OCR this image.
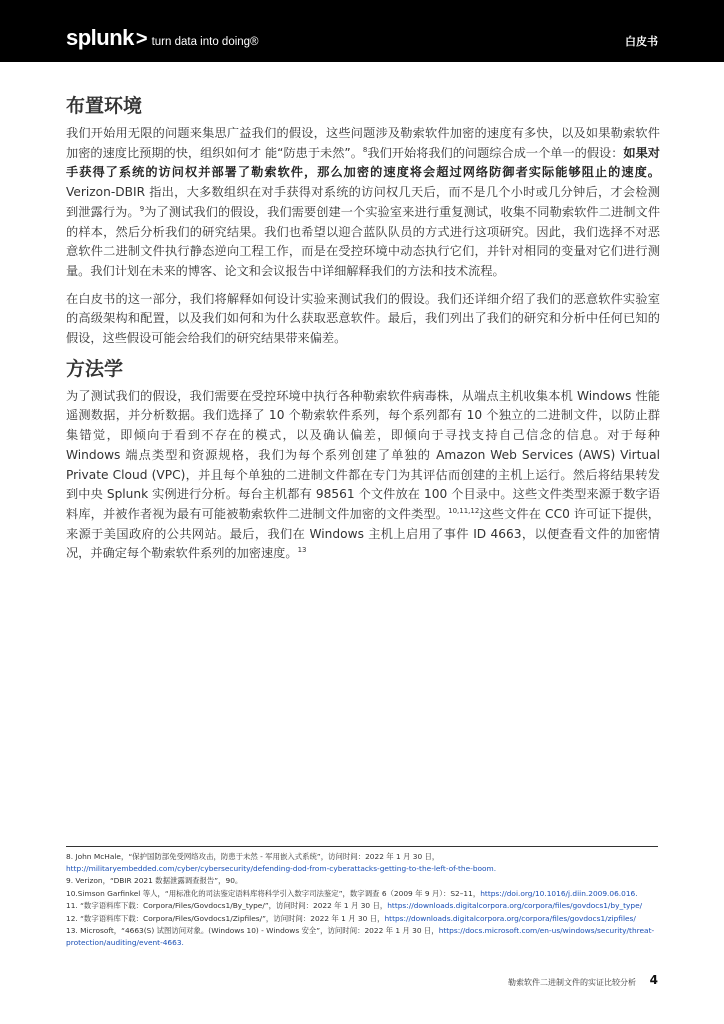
splunk > turn data into doing®	白皮书
布置环境

我们开始用无限的问题来集思广益我们的假设，这些问题涉及勒索软件加密的速度有多快，以及如果勒索软件加密的速度比预期的快，组织如何才 能“防患于未然”。$^8$我们开始将我们的问题综合成一个单一的假设：如果对手获得了系统的访问权并部署了勒索软件，那么加密的速度将会超过网络防御者实际能够阻止的速度。Verizon-DBIR 指出，大多数组织在对手获得对系统的访问权几天后，而不是几个小时或几分钟后，才会检测到泄露行为。$^9$为了测试我们的假设，我们需要创建一个实验室来进行重复测试，收集不同勒索软件二进制文件的样本，然后分析我们的研究结果。我们也希望以迎合蓝队队员的方式进行这项研究。因此，我们选择不对恶意软件二进制文件执行静态逆向工程工作，而是在受控环境中动态执行它们，并针对相同的变量对它们进行测量。我们计划在未来的博客、论文和会议报告中详细解释我们的方法和技术流程。

在白皮书的这一部分，我们将解释如何设计实验来测试我们的假设。我们还详细介绍了我们的恶意软件实验室的高级架构和配置，以及我们如何和为什么获取恶意软件。最后，我们列出了我们的研究和分析中任何已知的假设，这些假设可能会给我们的研究结果带来偏差。

方法学

为了测试我们的假设，我们需要在受控环境中执行各种勒索软件病毒株，从端点主机收集本机 Windows 性能遥测数据，并分析数据。我们选择了 10 个勒索软件系列，每个系列都有 10 个独立的二进制文件，以防止群集错觉，即倾向于看到不存在的模式，以及确认偏差，即倾向于寻找支持自己信念的信息。对于每种 Windows 端点类型和资源规格，我们为每个系列创建了单独的 Amazon Web Services (AWS) Virtual Private Cloud (VPC)，并且每个单独的二进制文件都在专门为其评估而创建的主机上运行。然后将结果转发到中央 Splunk 实例进行分析。每台主机都有 98561 个文件放在 100 个目录中。这些文件类型来源于数字语料库，并被作者视为最有可能被勒索软件二进制文件加密的文件类型。$^{10,11,12}$这些文件在 CC0 许可证下提供，来源于美国政府的公共网站。最后，我们在 Windows 主机上启用了事件 ID 4663，以便查看文件的加密情况，并确定每个勒索软件系列的加密速度。$^{13}$

8. John McHale，“保护国防部免受网络攻击，防患于未然 - 军用嵌入式系统”，访问时间：2022 年 1 月 30 日，http://militaryembedded.com/cyber/cybersecurity/defending-dod-from-cyberattacks-getting-to-the-left-of-the-boom.
9. Verizon，“DBIR 2021 数据泄露调查报告”，90。
10.Simson Garfinkel 等人，“用标准化的司法鉴定语料库将科学引入数字司法鉴定”，数字调查 6（2009 年 9 月）：S2–11，https://doi.org/10.1016/j.diin.2009.06.016.
11. “数字语料库下载：Corpora/Files/Govdocs1/By_type/”，访问时间：2022 年 1 月 30 日，https://downloads.digitalcorpora.org/corpora/files/govdocs1/by_type/
12. “数字语料库下载：Corpora/Files/Govdocs1/Zipfiles/”，访问时间：2022 年 1 月 30 日，https://downloads.digitalcorpora.org/corpora/files/govdocs1/zipfiles/
13. Microsoft，“4663(S) 试图访问对象。(Windows 10) - Windows 安全”，访问时间：2022 年 1 月 30 日，https://docs.microsoft.com/en-us/windows/security/threat-protection/auditing/event-4663.
勒索软件二进制文件的实证比较分析 4
